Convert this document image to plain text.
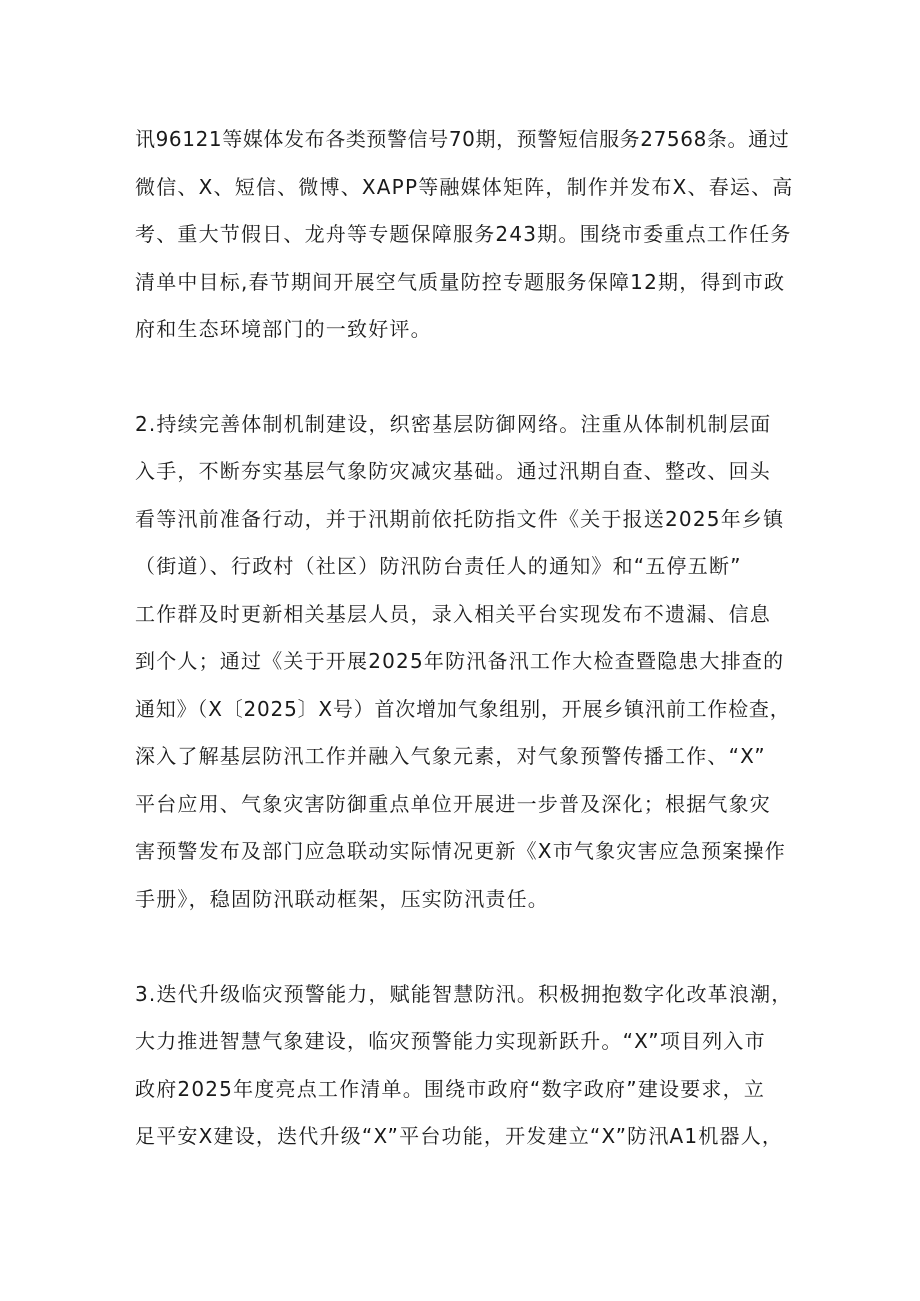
讯96121等媒体发布各类预警信号70期，预警短信服务27568条。通过
微信、X、短信、微博、XAPP等融媒体矩阵，制作并发布X、春运、高
考、重大节假日、龙舟等专题保障服务243期。围绕市委重点工作任务
清单中目标,春节期间开展空气质量防控专题服务保障12期，得到市政
府和生态环境部门的一致好评。
2.持续完善体制机制建设，织密基层防御网络。注重从体制机制层面
入手，不断夯实基层气象防灾减灾基础。通过汛期自查、整改、回头
看等汛前准备行动，并于汛期前依托防指文件《关于报送2025年乡镇
（街道）、行政村（社区）防汛防台责任人的通知》和“五停五断”
工作群及时更新相关基层人员，录入相关平台实现发布不遗漏、信息
到个人；通过《关于开展2025年防汛备汛工作大检查暨隐患大排查的
通知》（X〔2025〕X号）首次增加气象组别，开展乡镇汛前工作检查，
深入了解基层防汛工作并融入气象元素，对气象预警传播工作、“X”
平台应用、气象灾害防御重点单位开展进一步普及深化；根据气象灾
害预警发布及部门应急联动实际情况更新《X市气象灾害应急预案操作
手册》，稳固防汛联动框架，压实防汛责任。
3.迭代升级临灾预警能力，赋能智慧防汛。积极拥抱数字化改革浪潮，
大力推进智慧气象建设，临灾预警能力实现新跃升。“X”项目列入市
政府2025年度亮点工作清单。围绕市政府“数字政府”建设要求，立
足平安X建设，迭代升级“X”平台功能，开发建立“X”防汛A1机器人，
